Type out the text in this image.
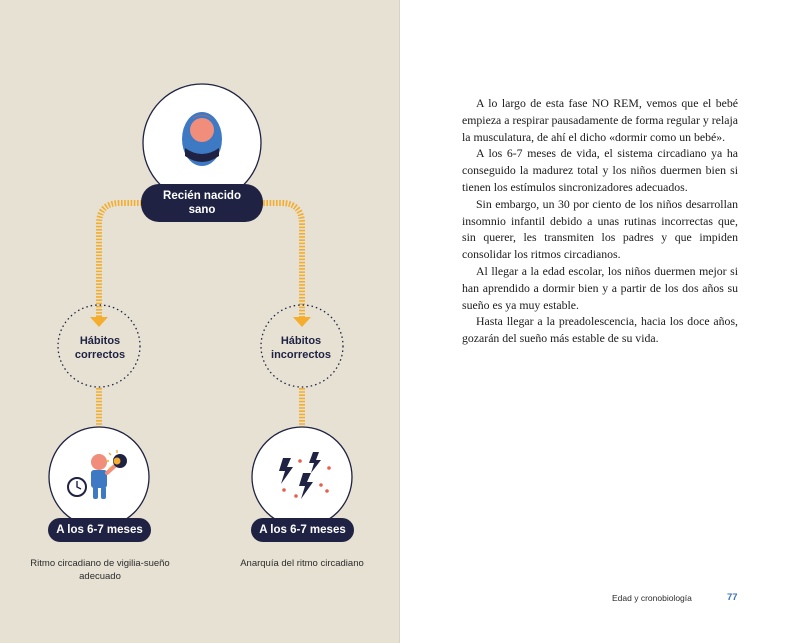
Recién nacido sano
Hábitos correctos
Hábitos incorrectos
A los 6-7 meses	A los 6-7 meses
Ritmo circadiano de vigilia-sueño adecuado
Anarquía del ritmo circadiano

A lo largo de esta fase NO REM, vemos que el bebé empieza a respirar pausadamente de forma regular y relaja la musculatura, de ahí el dicho «dormir como un bebé».

A los 6-7 meses de vida, el sistema circadiano ya ha conseguido la madurez total y los niños duermen bien si tienen los estímulos sincronizadores adecuados.

Sin embargo, un 30 por ciento de los niños desarrollan insomnio infantil debido a unas rutinas incorrectas que, sin querer, les transmiten los padres y que impiden consolidar los ritmos circadianos.

Al llegar a la edad escolar, los niños duermen mejor si han aprendido a dormir bien y a partir de los dos años su sueño es ya muy estable.

Hasta llegar a la preadolescencia, hacia los doce años, gozarán del sueño más estable de su vida.

Edad y cronobiología	77
